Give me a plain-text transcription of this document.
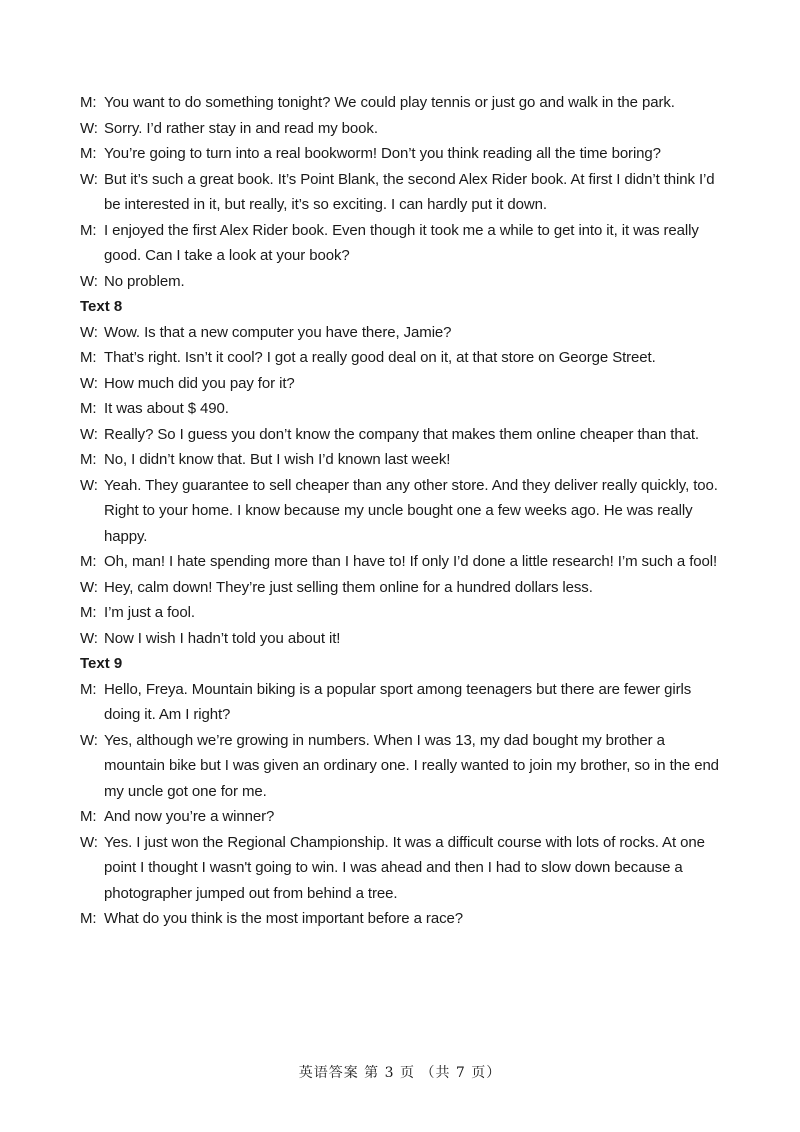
M: You want to do something tonight? We could play tennis or just go and walk in the park.
W: Sorry. I’d rather stay in and read my book.
M: You’re going to turn into a real bookworm! Don’t you think reading all the time boring?
W: But it’s such a great book. It’s Point Blank, the second Alex Rider book. At first I didn’t think I’d be interested in it, but really, it’s so exciting. I can hardly put it down.
M: I enjoyed the first Alex Rider book. Even though it took me a while to get into it, it was really good. Can I take a look at your book?
W: No problem.
Text 8
W: Wow. Is that a new computer you have there, Jamie?
M: That’s right. Isn’t it cool? I got a really good deal on it, at that store on George Street.
W: How much did you pay for it?
M: It was about $ 490.
W: Really? So I guess you don’t know the company that makes them online cheaper than that.
M: No, I didn’t know that. But I wish I’d known last week!
W: Yeah. They guarantee to sell cheaper than any other store. And they deliver really quickly, too. Right to your home. I know because my uncle bought one a few weeks ago. He was really happy.
M: Oh, man! I hate spending more than I have to! If only I’d done a little research! I’m such a fool!
W: Hey, calm down! They’re just selling them online for a hundred dollars less.
M: I’m just a fool.
W: Now I wish I hadn’t told you about it!
Text 9
M: Hello, Freya. Mountain biking is a popular sport among teenagers but there are fewer girls doing it. Am I right?
W: Yes, although we’re growing in numbers. When I was 13, my dad bought my brother a mountain bike but I was given an ordinary one. I really wanted to join my brother, so in the end my uncle got one for me.
M: And now you’re a winner?
W: Yes. I just won the Regional Championship. It was a difficult course with lots of rocks. At one point I thought I wasn't going to win. I was ahead and then I had to slow down because a photographer jumped out from behind a tree.
M: What do you think is the most important before a race?
英语答案 第 3 页 （共 7 页）
